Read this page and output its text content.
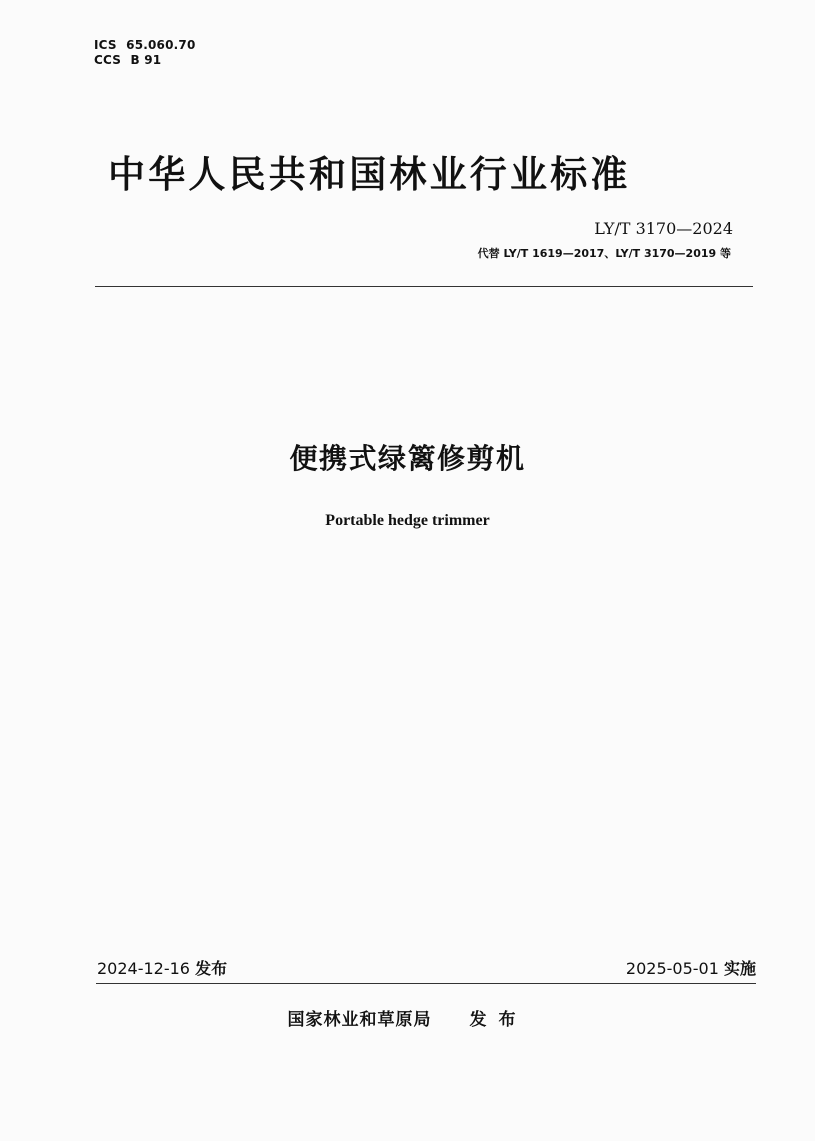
ICS 65.060.70
CCS B 91
中华人民共和国林业行业标准
LY/T 3170—2024
代替 LY/T 1619—2017、LY/T 3170—2019 等
便携式绿篱修剪机
Portable hedge trimmer
2024-12-16 发布	2025-05-01 实施
国家林业和草原局 发布
